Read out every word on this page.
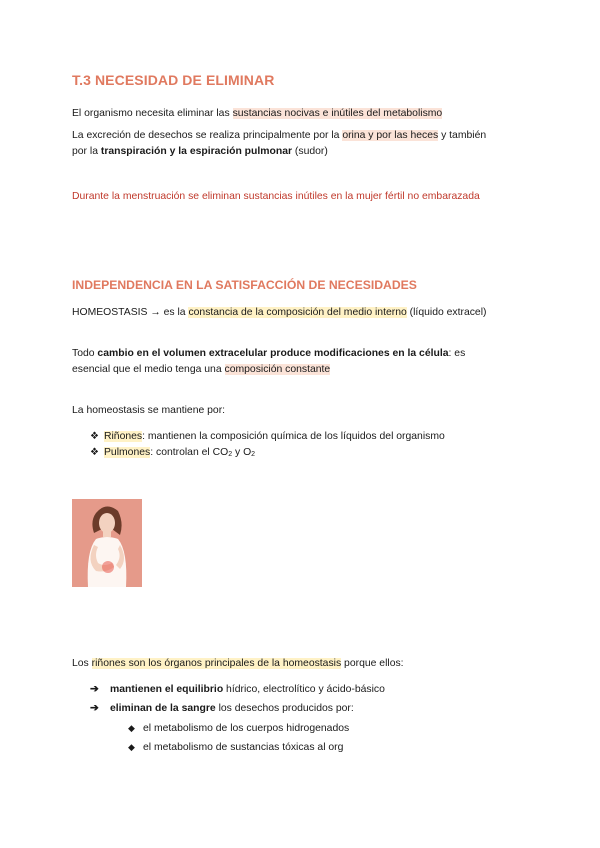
T.3 NECESIDAD DE ELIMINAR
El organismo necesita eliminar las sustancias nocivas e inútiles del metabolismo
La excreción de desechos se realiza principalmente por la orina y por las heces y también
por la transpiración y la espiración pulmonar (sudor)
Durante la menstruación se eliminan sustancias inútiles en la mujer fértil no embarazada
INDEPENDENCIA EN LA SATISFACCIÓN DE NECESIDADES
HOMEOSTASIS → es la constancia de la composición del medio interno (líquido extracel)
Todo cambio en el volumen extracelular produce modificaciones en la célula: es
esencial que el medio tenga una composición constante
La homeostasis se mantiene por:
❖ Riñones: mantienen la composición química de los líquidos del organismo
❖ Pulmones: controlan el $CO_2$ y $O_2$
Los riñones son los órganos principales de la homeostasis porque ellos:
➔ mantienen el equilibrio hídrico, electrolítico y ácido-básico
➔ eliminan de la sangre los desechos producidos por:
◆ el metabolismo de los cuerpos hidrogenados
◆ el metabolismo de sustancias tóxicas al org
